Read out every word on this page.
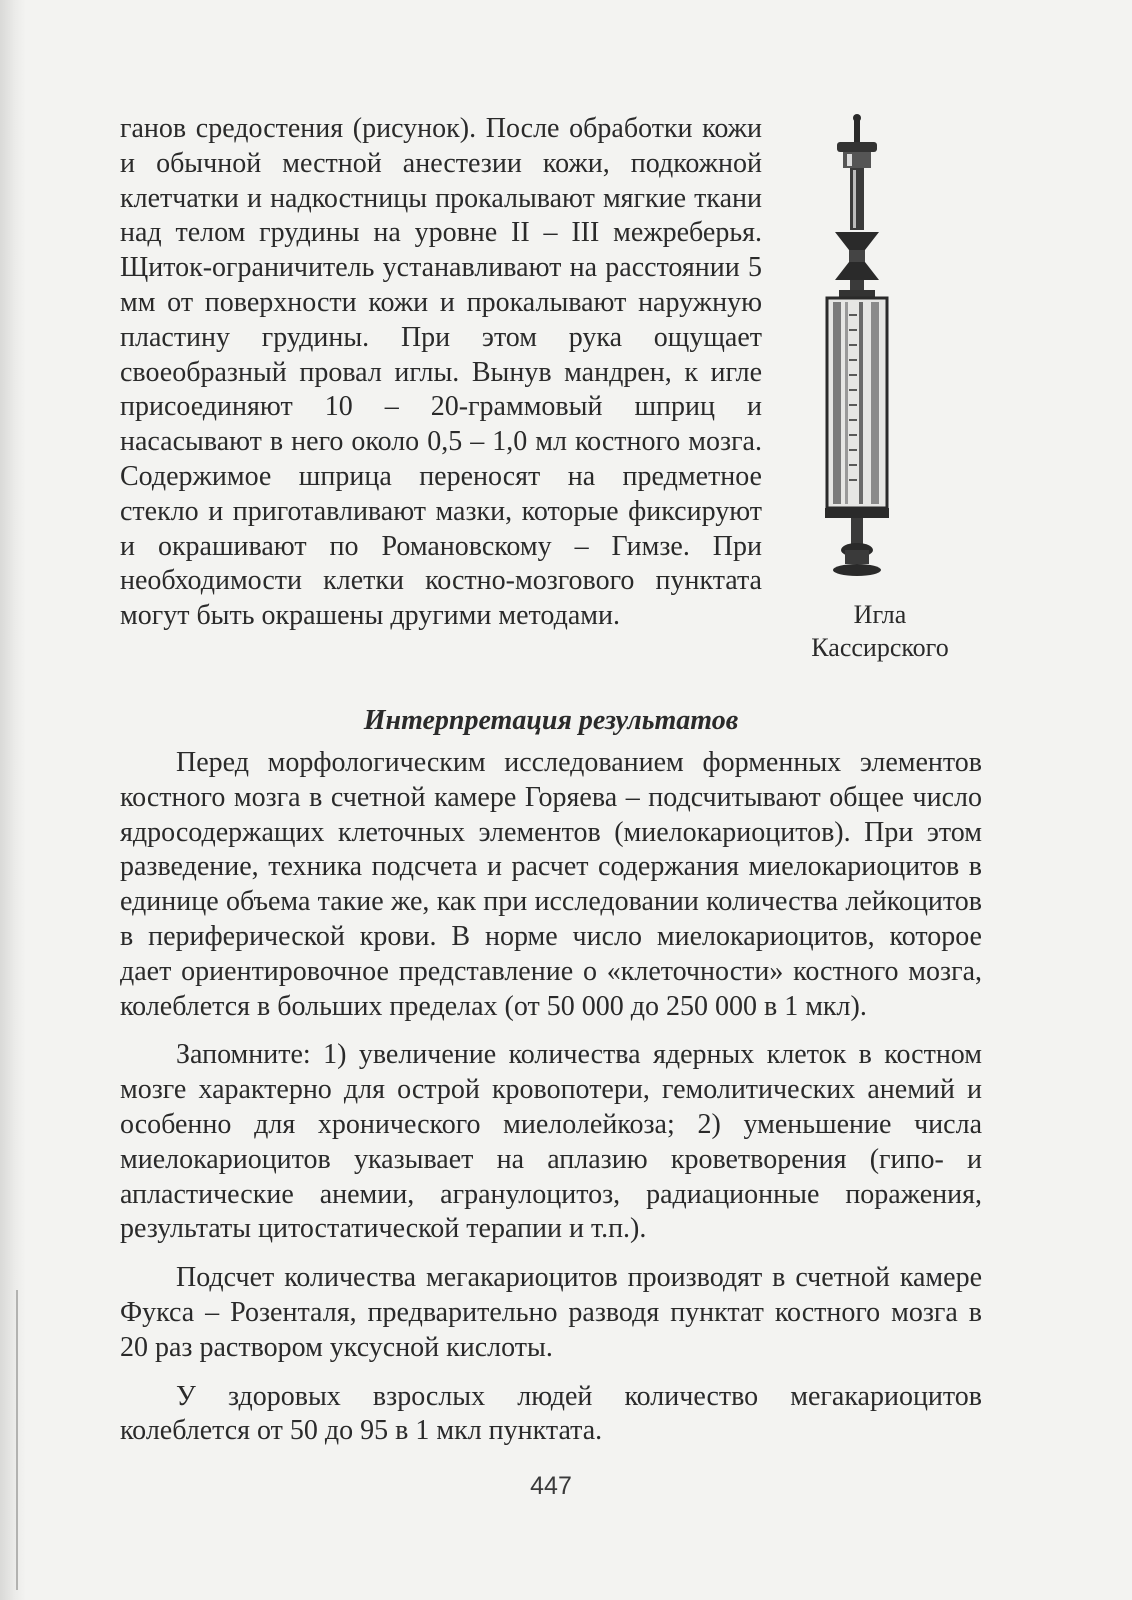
ганов средостения (рисунок). После обработки кожи и обычной местной анестезии кожи, подкожной клетчатки и надкостницы прокалывают мягкие ткани над телом грудины на уровне II – III межреберья. Щиток-ограничитель устанавливают на расстоянии 5 мм от поверхности кожи и прокалывают наружную пластину грудины. При этом рука ощущает своеобразный провал иглы. Вынув мандрен, к игле присоединяют 10 – 20-граммовый шприц и насасывают в него около 0,5 – 1,0 мл костного мозга. Содержимое шприца переносят на предметное стекло и приготавливают мазки, которые фиксируют и окрашивают по Романовскому – Гимзе. При необходимости клетки костно-мозгового пунктата могут быть окрашены другими методами.	Игла
Кассирского
Интерпретация результатов

Перед морфологическим исследованием форменных элементов костного мозга в счетной камере Горяева – подсчитывают общее число ядросодержащих клеточных элементов (миелокариоцитов). При этом разведение, техника подсчета и расчет содержания миелокариоцитов в единице объема такие же, как при исследовании количества лейкоцитов в периферической крови. В норме число миелокариоцитов, которое дает ориентировочное представление о «клеточности» костного мозга, колеблется в больших пределах (от 50 000 до 250 000 в 1 мкл).

Запомните: 1) увеличение количества ядерных клеток в костном мозге характерно для острой кровопотери, гемолитических анемий и особенно для хронического миелолейкоза; 2) уменьшение числа миелокариоцитов указывает на аплазию кроветворения (гипо- и апластические анемии, агранулоцитоз, радиационные поражения, результаты цитостатической терапии и т.п.).

Подсчет количества мегакариоцитов производят в счетной камере Фукса – Розенталя, предварительно разводя пунктат костного мозга в 20 раз раствором уксусной кислоты.

У здоровых взрослых людей количество мегакариоцитов колеблется от 50 до 95 в 1 мкл пунктата.

447
